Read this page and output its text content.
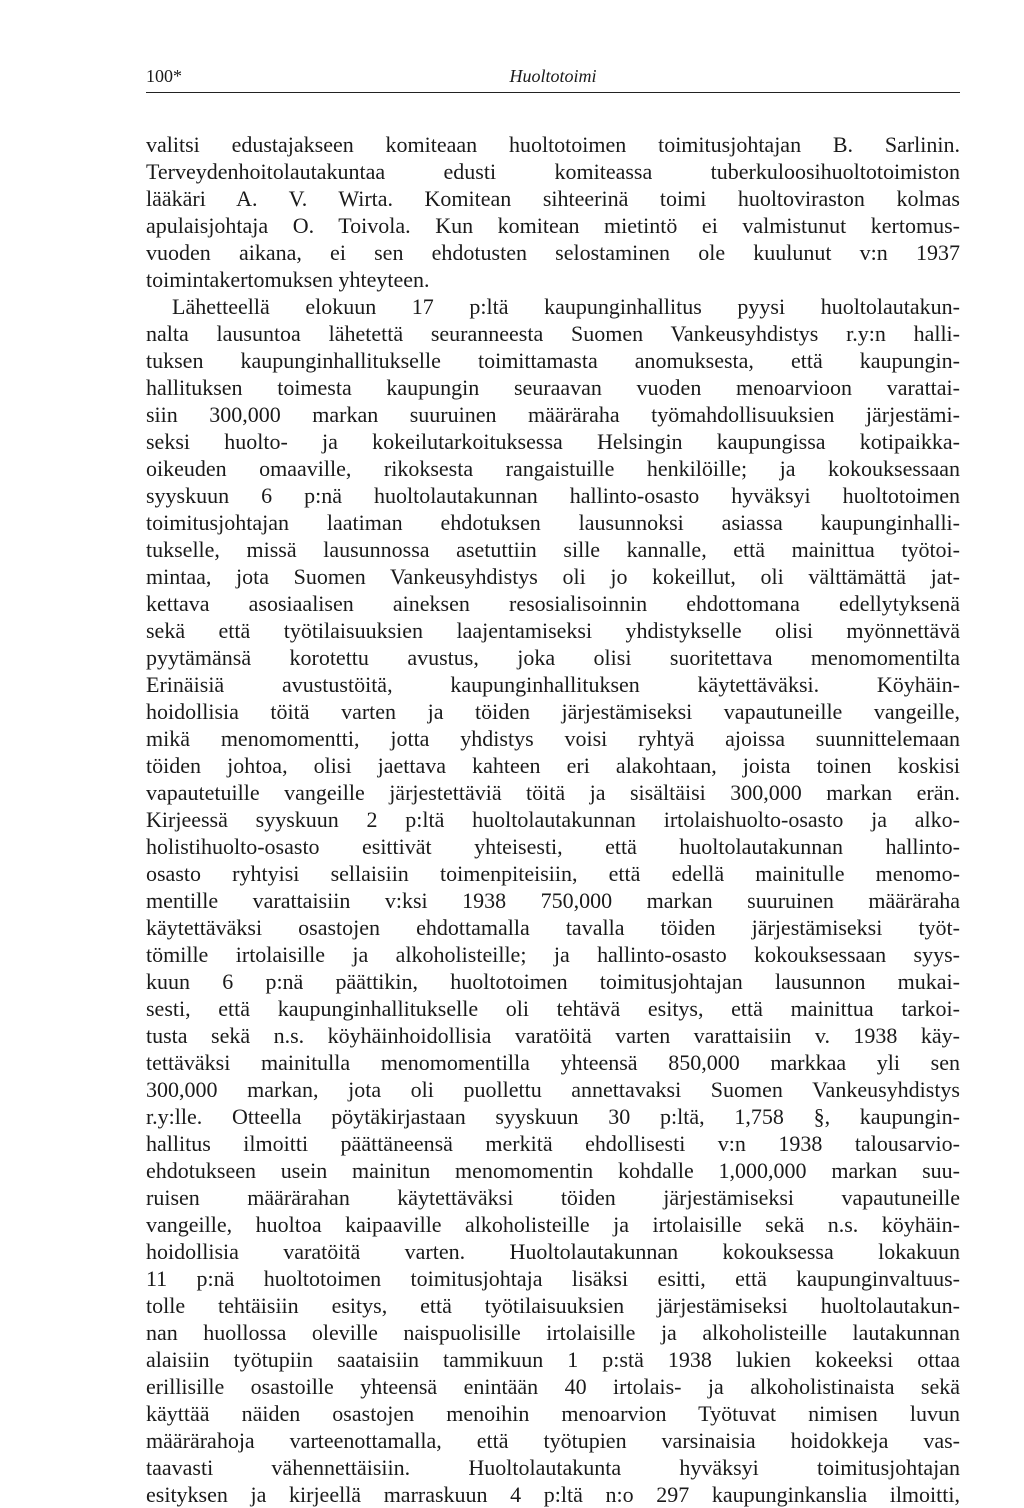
100*	Huoltotoimi
valitsi edustajakseen komiteaan huoltotoimen toimitusjohtajan B. Sarlinin.
Terveydenhoitolautakuntaa edusti komiteassa tuberkuloosihuoltotoimiston
lääkäri A. V. Wirta. Komitean sihteerinä toimi huoltoviraston kolmas
apulaisjohtaja O. Toivola. Kun komitean mietintö ei valmistunut kertomus-
vuoden aikana, ei sen ehdotusten selostaminen ole kuulunut v:n 1937
toimintakertomuksen yhteyteen.
Lähetteellä elokuun 17 p:ltä kaupunginhallitus pyysi huoltolautakun-
nalta lausuntoa lähetettä seuranneesta Suomen Vankeusyhdistys r.y:n halli-
tuksen kaupunginhallitukselle toimittamasta anomuksesta, että kaupungin-
hallituksen toimesta kaupungin seuraavan vuoden menoarvioon varattai-
siin 300,000 markan suuruinen määräraha työmahdollisuuksien järjestämi-
seksi huolto- ja kokeilutarkoituksessa Helsingin kaupungissa kotipaikka-
oikeuden omaaville, rikoksesta rangaistuille henkilöille; ja kokouksessaan
syyskuun 6 p:nä huoltolautakunnan hallinto-osasto hyväksyi huoltotoimen
toimitusjohtajan laatiman ehdotuksen lausunnoksi asiassa kaupunginhalli-
tukselle, missä lausunnossa asetuttiin sille kannalle, että mainittua työtoi-
mintaa, jota Suomen Vankeusyhdistys oli jo kokeillut, oli välttämättä jat-
kettava asosiaalisen aineksen resosialisoinnin ehdottomana edellytyksenä
sekä että työtilaisuuksien laajentamiseksi yhdistykselle olisi myönnettävä
pyytämänsä korotettu avustus, joka olisi suoritettava menomomentilta
Erinäisiä avustustöitä, kaupunginhallituksen käytettäväksi. Köyhäin-
hoidollisia töitä varten ja töiden järjestämiseksi vapautuneille vangeille,
mikä menomomentti, jotta yhdistys voisi ryhtyä ajoissa suunnittelemaan
töiden johtoa, olisi jaettava kahteen eri alakohtaan, joista toinen koskisi
vapautetuille vangeille järjestettäviä töitä ja sisältäisi 300,000 markan erän.
Kirjeessä syyskuun 2 p:ltä huoltolautakunnan irtolaishuolto-osasto ja alko-
holistihuolto-osasto esittivät yhteisesti, että huoltolautakunnan hallinto-
osasto ryhtyisi sellaisiin toimenpiteisiin, että edellä mainitulle menomo-
mentille varattaisiin v:ksi 1938 750,000 markan suuruinen määräraha
käytettäväksi osastojen ehdottamalla tavalla töiden järjestämiseksi työt-
tömille irtolaisille ja alkoholisteille; ja hallinto-osasto kokouksessaan syys-
kuun 6 p:nä päättikin, huoltotoimen toimitusjohtajan lausunnon mukai-
sesti, että kaupunginhallitukselle oli tehtävä esitys, että mainittua tarkoi-
tusta sekä n.s. köyhäinhoidollisia varatöitä varten varattaisiin v. 1938 käy-
tettäväksi mainitulla menomomentilla yhteensä 850,000 markkaa yli sen
300,000 markan, jota oli puollettu annettavaksi Suomen Vankeusyhdistys
r.y:lle. Otteella pöytäkirjastaan syyskuun 30 p:ltä, 1,758 §, kaupungin-
hallitus ilmoitti päättäneensä merkitä ehdollisesti v:n 1938 talousarvio-
ehdotukseen usein mainitun menomomentin kohdalle 1,000,000 markan suu-
ruisen määrärahan käytettäväksi töiden järjestämiseksi vapautuneille
vangeille, huoltoa kaipaaville alkoholisteille ja irtolaisille sekä n.s. köyhäin-
hoidollisia varatöitä varten. Huoltolautakunnan kokouksessa lokakuun
11 p:nä huoltotoimen toimitusjohtaja lisäksi esitti, että kaupunginvaltuus-
tolle tehtäisiin esitys, että työtilaisuuksien järjestämiseksi huoltolautakun-
nan huollossa oleville naispuolisille irtolaisille ja alkoholisteille lautakunnan
alaisiin työtupiin saataisiin tammikuun 1 p:stä 1938 lukien kokeeksi ottaa
erillisille osastoille yhteensä enintään 40 irtolais- ja alkoholistinaista sekä
käyttää näiden osastojen menoihin menoarvion Työtuvat nimisen luvun
määrärahoja varteenottamalla, että työtupien varsinaisia hoidokkeja vas-
taavasti vähennettäisiin. Huoltolautakunta hyväksyi toimitusjohtajan
esityksen ja kirjeellä marraskuun 4 p:ltä n:o 297 kaupunginkanslia ilmoitti,
